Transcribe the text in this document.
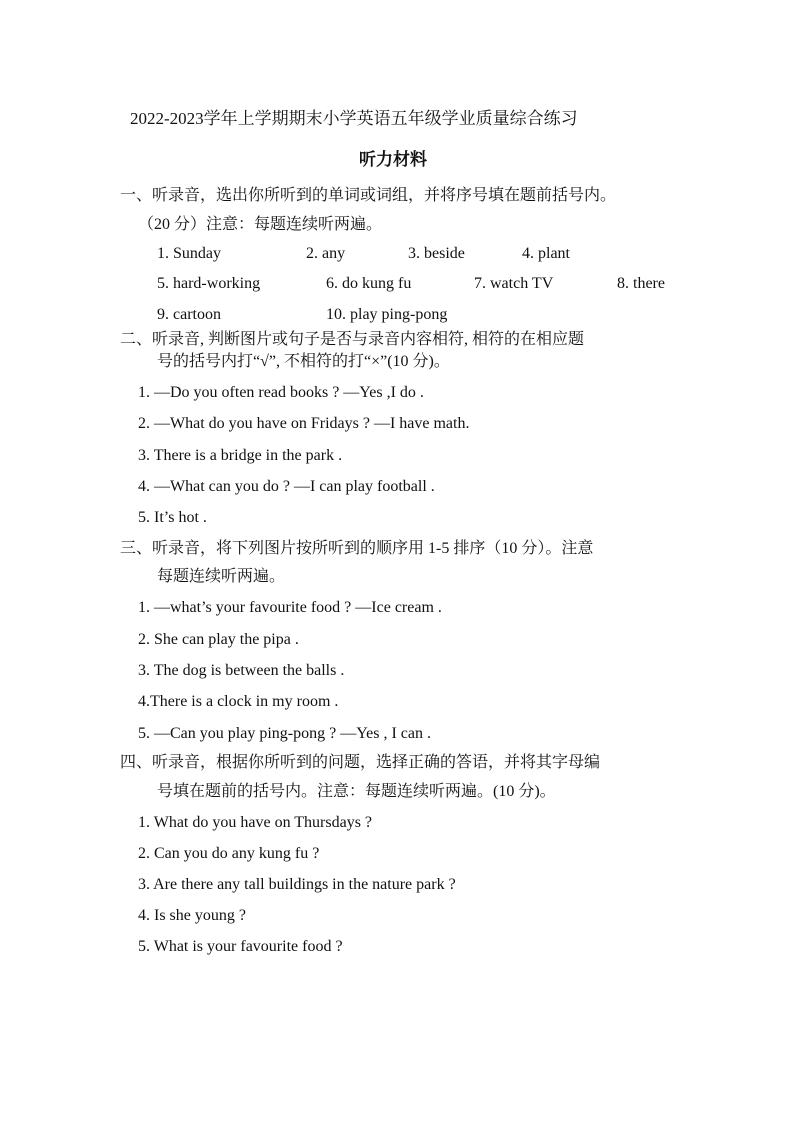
2022-2023学年上学期期末小学英语五年级学业质量综合练习
听力材料
一、听录音，选出你所听到的单词或词组，并将序号填在题前括号内。
（20 分）注意：每题连续听两遍。
1. Sunday	2. any	3. beside	4. plant
5. hard-working	6. do kung fu	7. watch TV	8. there
9. cartoon	10. play ping-pong
二、听录音, 判断图片或句子是否与录音内容相符, 相符的在相应题
号的括号内打“√”, 不相符的打“×”(10 分)。
1. —Do you often read books ? —Yes ,I do .
2. —What do you have on Fridays ? —I have math.
3. There is a bridge in the park .
4. —What can you do ? —I can play football .
5. It’s hot .
三、听录音，将下列图片按所听到的顺序用 1-5 排序（10 分）。注意
每题连续听两遍。
1. —what’s your favourite food ? —Ice cream .
2. She can play the pipa .
3. The dog is between the balls .
4.There is a clock in my room .
5. —Can you play ping-pong ? —Yes , I can .
四、听录音，根据你所听到的问题，选择正确的答语，并将其字母编
号填在题前的括号内。注意：每题连续听两遍。(10 分)。
1. What do you have on Thursdays ?
2. Can you do any kung fu ?
3. Are there any tall buildings in the nature park ?
4. Is she young ?
5. What is your favourite food ?
